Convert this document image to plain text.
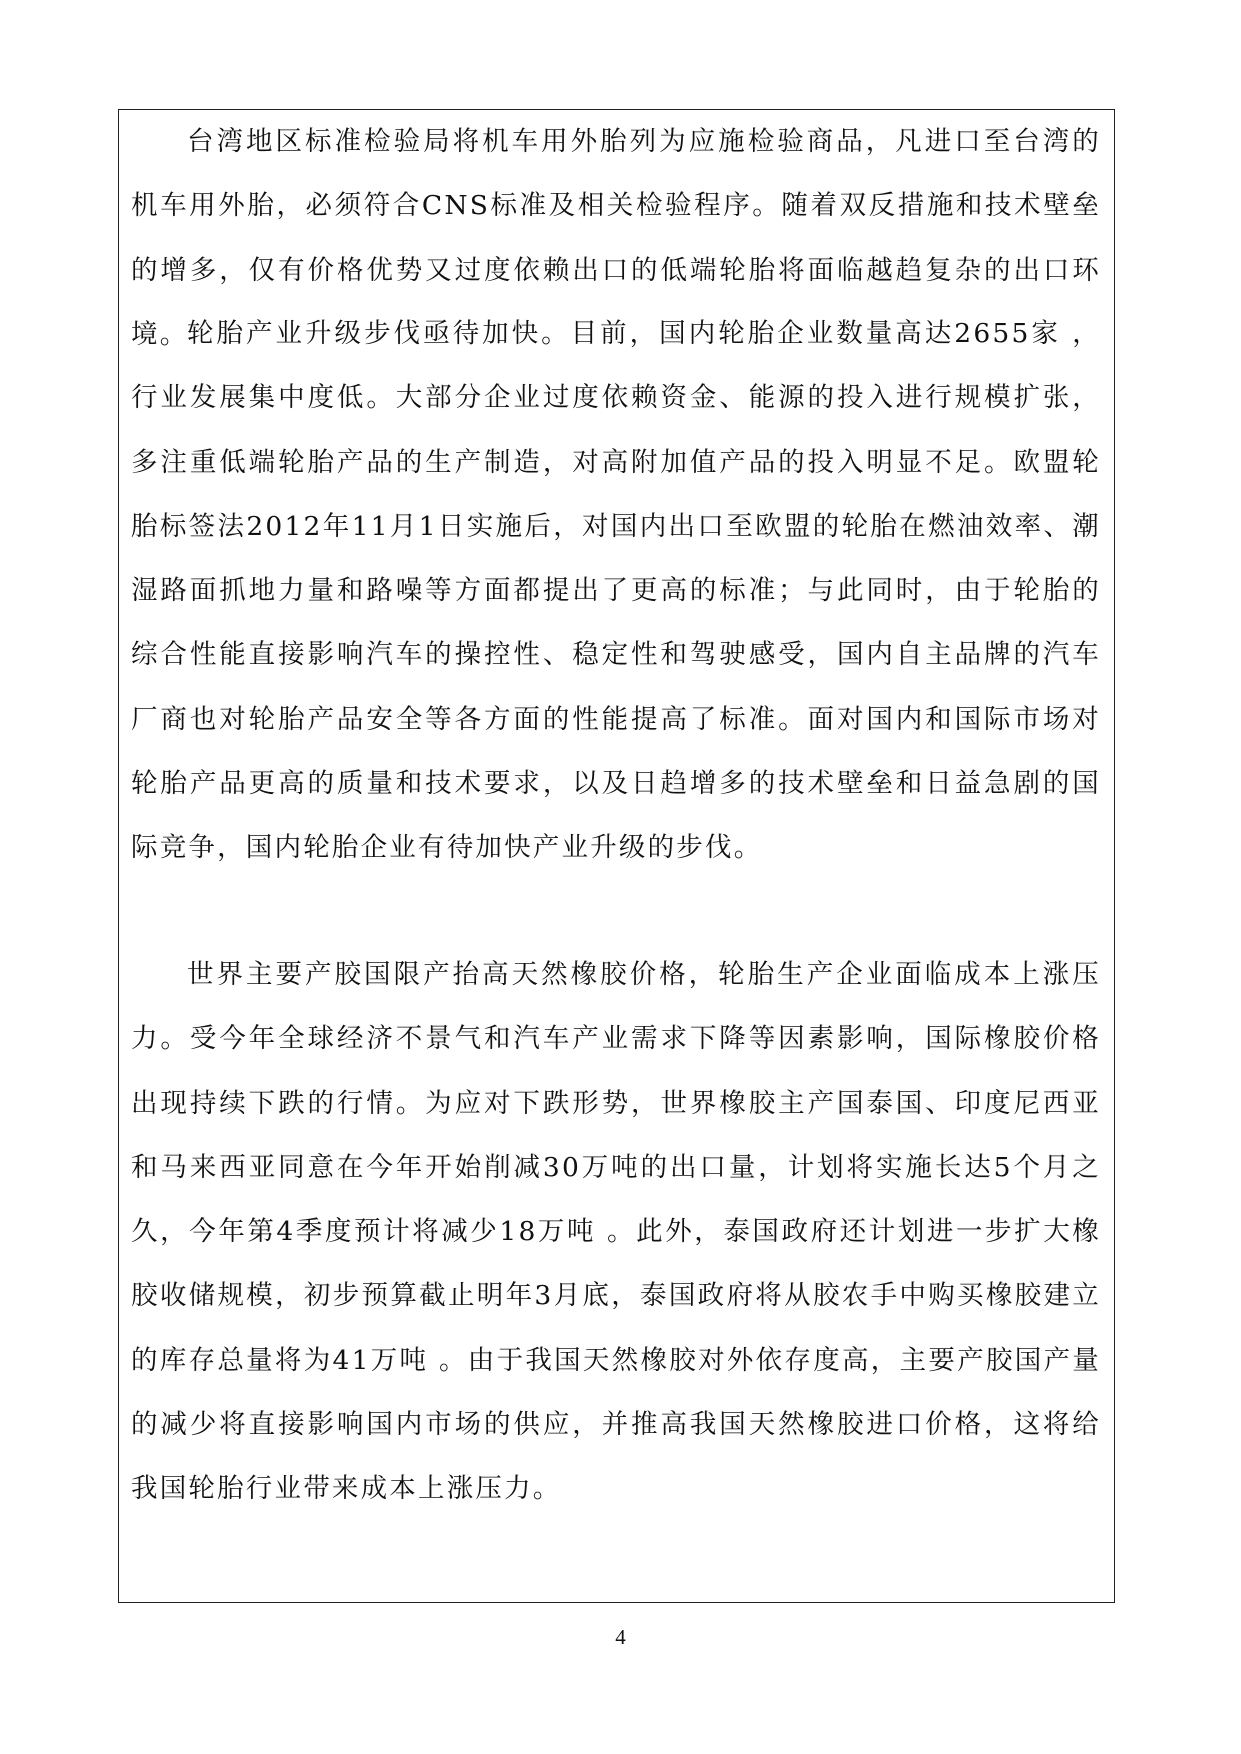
台湾地区标准检验局将机车用外胎列为应施检验商品，凡进口至台湾的机车用外胎，必须符合CNS标准及相关检验程序。随着双反措施和技术壁垒的增多，仅有价格优势又过度依赖出口的低端轮胎将面临越趋复杂的出口环境。

轮胎产业升级步伐亟待加快。目前，国内轮胎企业数量高达2655家 ，行业发展集中度低。大部分企业过度依赖资金、能源的投入进行规模扩张，多注重低端轮胎产品的生产制造，对高附加值产品的投入明显不足。欧盟轮胎标签法2012年11月1日实施后，对国内出口至欧盟的轮胎在燃油效率、潮湿路面抓地力量和路噪等方面都提出了更高的标准；与此同时，由于轮胎的综合性能直接影响汽车的操控性、稳定性和驾驶感受，国内自主品牌的汽车厂商也对轮胎产品安全等各方面的性能提高了标准。面对国内和国际市场对轮胎产品更高的质量和技术要求，以及日趋增多的技术壁垒和日益急剧的国际竞争，国内轮胎企业有待加快产业升级的步伐。

世界主要产胶国限产抬高天然橡胶价格，轮胎生产企业面临成本上涨压力。受今年全球经济不景气和汽车产业需求下降等因素影响，国际橡胶价格出现持续下跌的行情。为应对下跌形势，世界橡胶主产国泰国、印度尼西亚和马来西亚同意在今年开始削减30万吨的出口量，计划将实施长达5个月之久，今年第4季度预计将减少18万吨 。此外，泰国政府还计划进一步扩大橡胶收储规模，初步预算截止明年3月底，泰国政府将从胶农手中购买橡胶建立的库存总量将为41万吨 。由于我国天然橡胶对外依存度高，主要产胶国产量的减少将直接影响国内市场的供应，并推高我国天然橡胶进口价格，这将给我国轮胎行业带来成本上涨压力。

4
